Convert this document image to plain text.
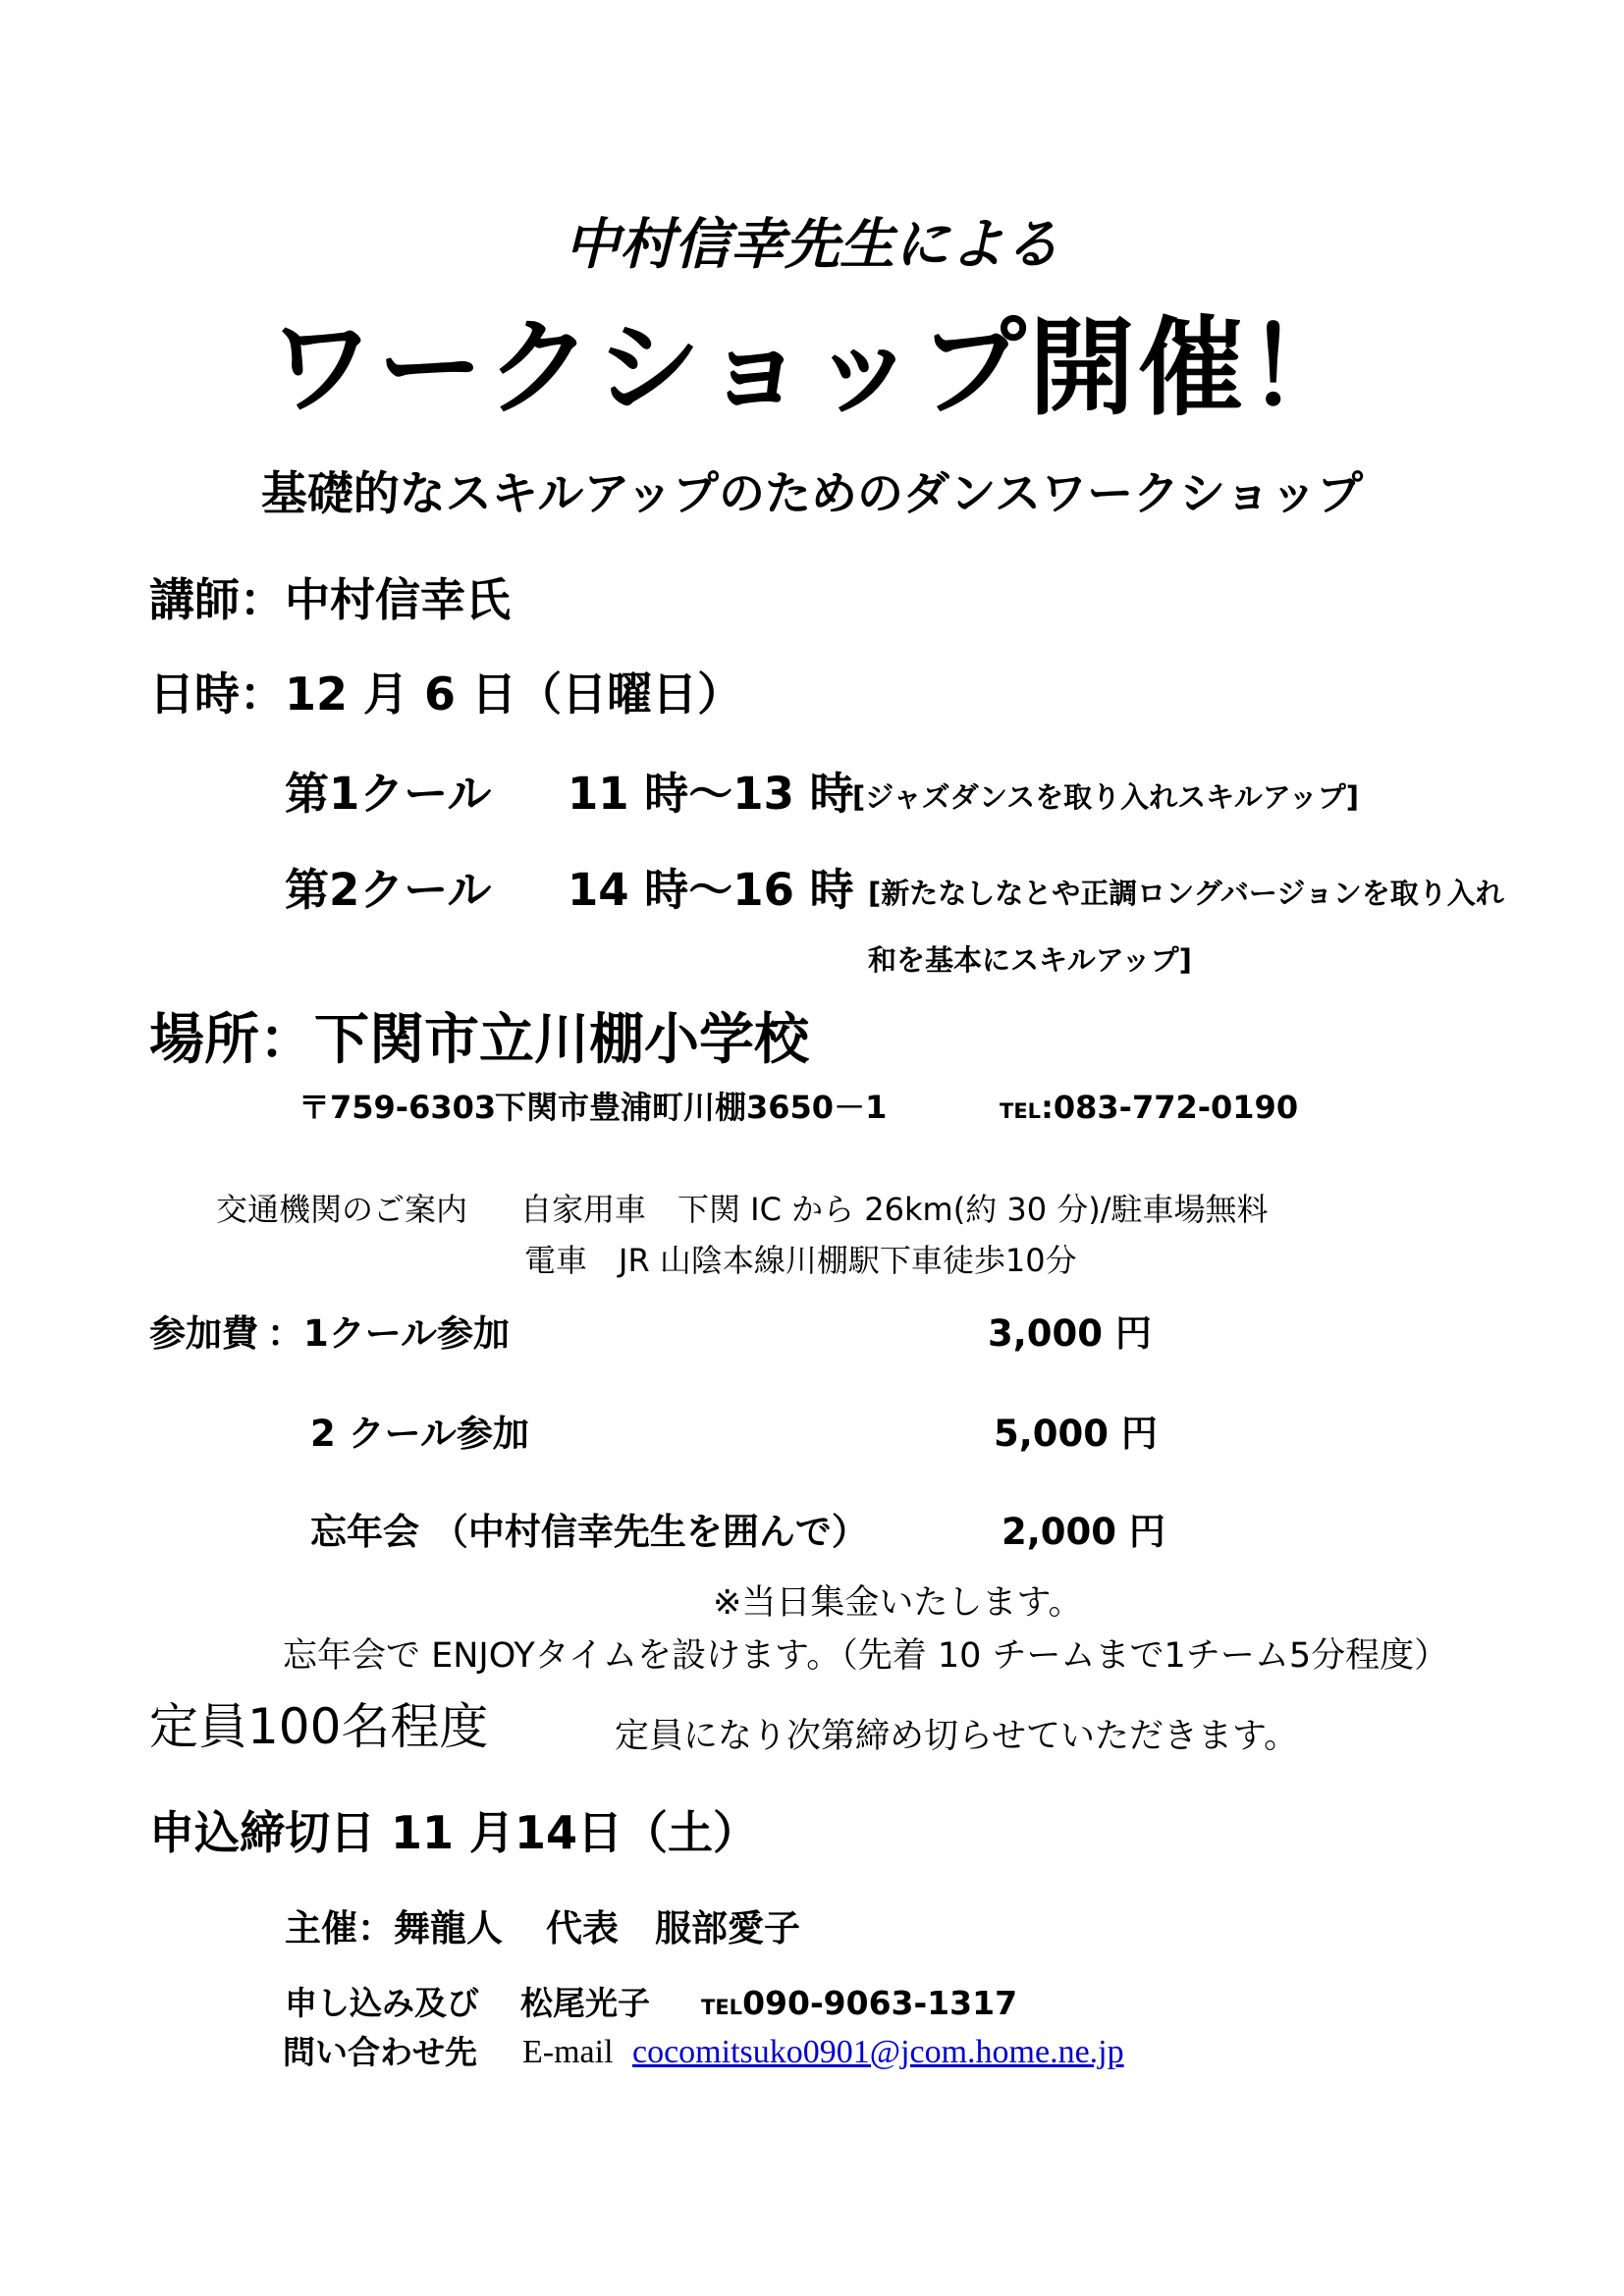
中村信幸先生による
ワークショップ開催！
基礎的なスキルアップのためのダンスワークショップ
講師：中村信幸氏
日時：12 月 6 日（日曜日）
第1クール 11 時～13 時
[ジャズダンスを取り入れスキルアップ]
第2クール 14 時～16 時 [新たなしなとや正調ロングバージョンを取り入れ
和を基本にスキルアップ]
場所：下関市立川棚小学校
〒759-6303
下関市豊浦町川棚3650－1	TEL:083-772-0190
交通機関のご案内 自家用車　下関 IC から 26km(約 30 分)/駐車場無料
電車　JR 山陰本線川棚駅下車徒歩10分
参加費 ：1クール参加	3,000 円
2 クール参加	5,000 円
忘年会 （中村信幸先生を囲んで）	2,000 円
※当日集金いたします。
忘年会で ENJOYタイムを設けます。（先着 10 チームまで1チーム5分程度）
定員100名程度	定員になり次第締め切らせていただきます。
申込締切日 11 月14日（土）
主催：舞龍人 代表　服部愛子
申し込み及び 松尾光子 TEL090-9063-1317
問い合わせ先 E-mail cocomitsuko0901@jcom.home.ne.jp
